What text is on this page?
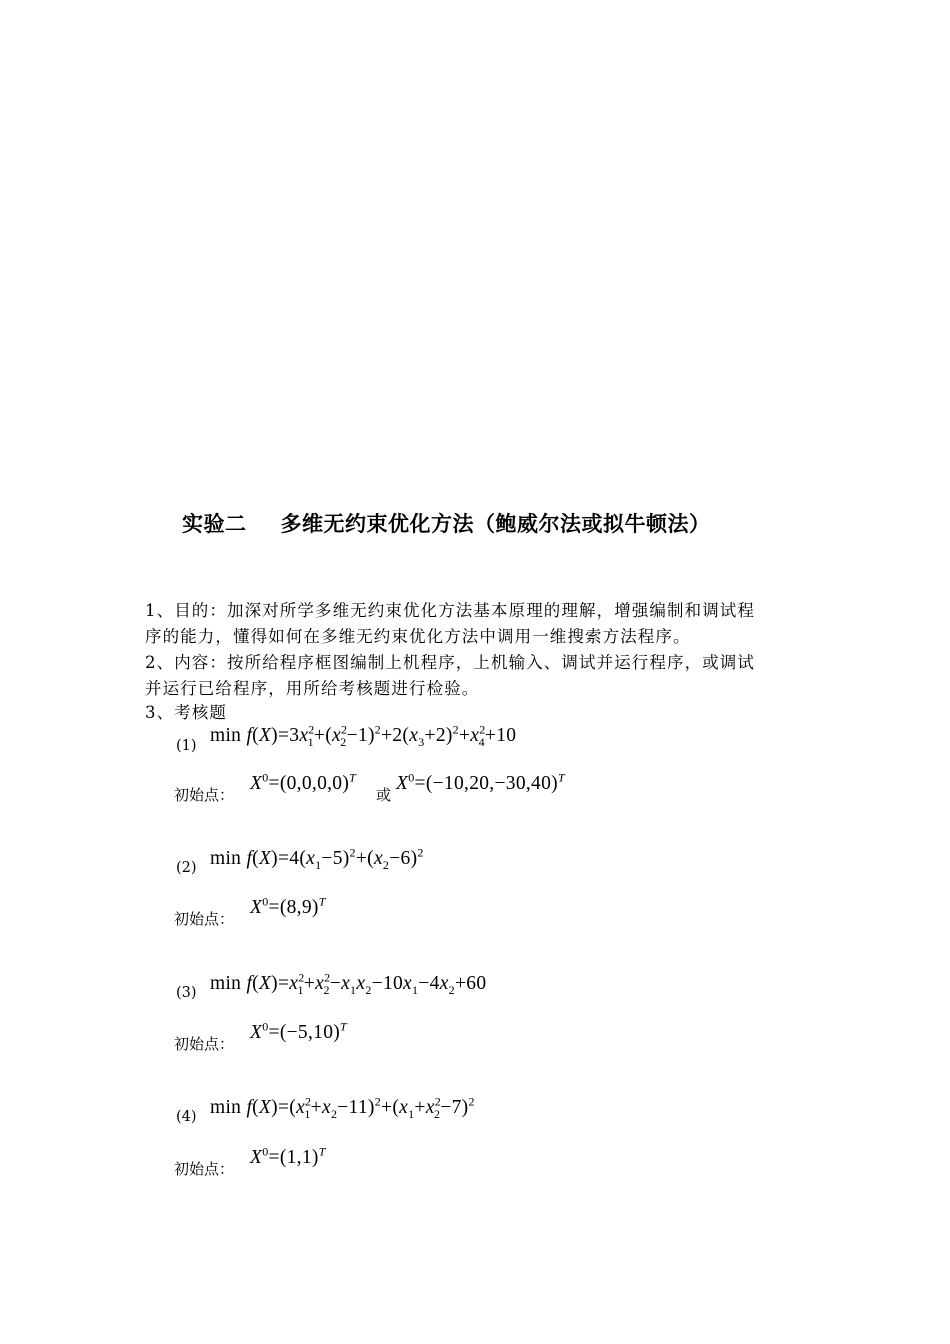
实验二 多维无约束优化方法（鲍威尔法或拟牛顿法）
1、目的：加深对所学多维无约束优化方法基本原理的理解，增强编制和调试程
序的能力，懂得如何在多维无约束优化方法中调用一维搜索方法程序。
2、内容：按所给程序框图编制上机程序，上机输入、调试并运行程序，或调试
并运行已给程序，用所给考核题进行检验。
3、考核题
(1) $\min f(X)=3x^2_1+(x^2_2-1)^2+2(x_3+2)^2+x^2_4+10$
初始点：
$X^0=(0,0,0,0)^T$
或
$X^0=(-10,20,-30,40)^T$
(2) $\min f(X)=4(x_1-5)^2+(x_2-6)^2$
初始点：
$X^0=(8,9)^T$
(3) $\min f(X)=x^2_1+x^2_2-x_1x_2-10x_1-4x_2+60$
初始点：
$X^0=(-5,10)^T$
(4) $\min f(X)=(x^2_1+x_2-11)^2+(x_1+x^2_2-7)^2$
初始点：
$X^0=(1,1)^T$
